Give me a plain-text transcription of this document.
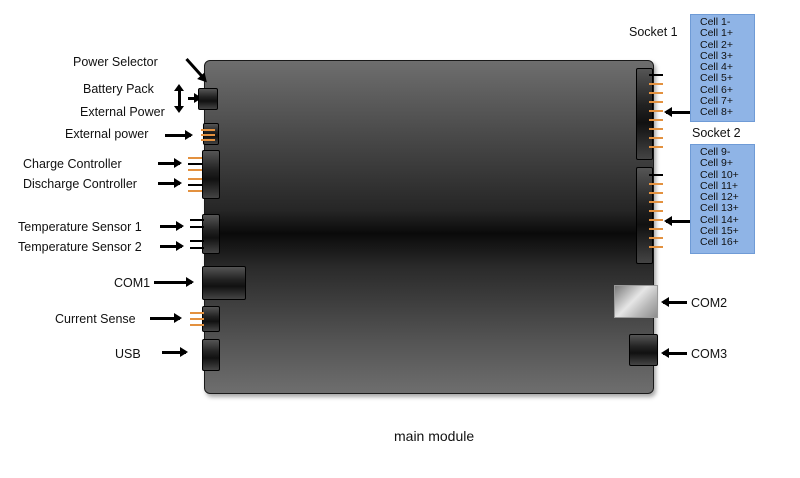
Power Selector
Battery Pack
External Power
External power
Charge Controller
Discharge Controller
Temperature Sensor 1
Temperature Sensor 2
COM1
Current Sense
USB
Socket 1
Socket 2
Cell 1-
Cell 1+
Cell 2+
Cell 3+
Cell 4+
Cell 5+
Cell 6+
Cell 7+
Cell 8+
Cell 9-
Cell 9+
Cell 10+
Cell 11+
Cell 12+
Cell 13+
Cell 14+
Cell 15+
Cell 16+
COM2
COM3
main module
